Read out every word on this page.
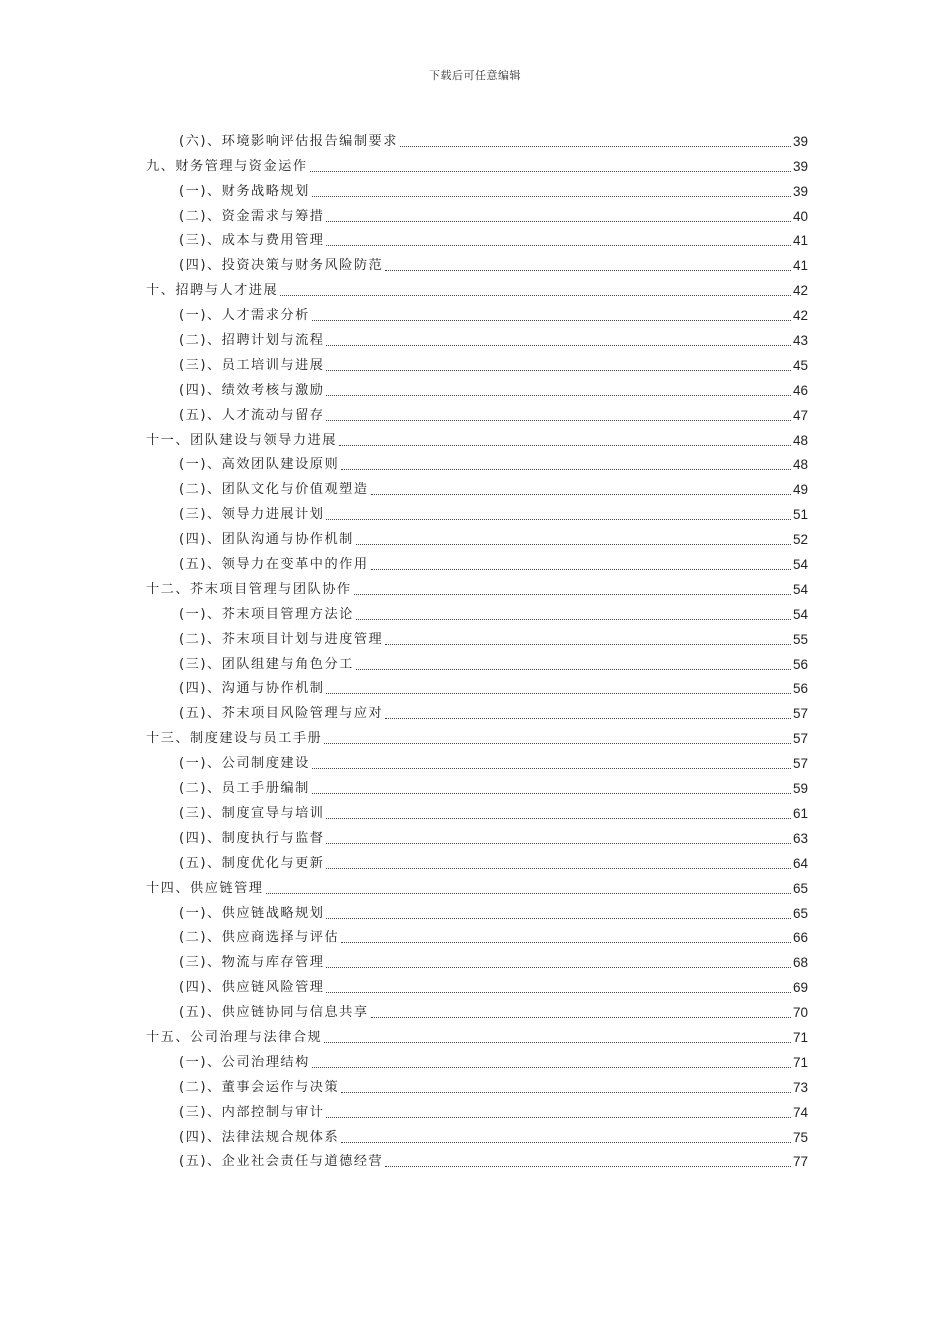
下载后可任意编辑
(六)、环境影响评估报告编制要求	39
九、财务管理与资金运作	39
(一)、财务战略规划	39
(二)、资金需求与筹措	40
(三)、成本与费用管理	41
(四)、投资决策与财务风险防范	41
十、招聘与人才进展	42
(一)、人才需求分析	42
(二)、招聘计划与流程	43
(三)、员工培训与进展	45
(四)、绩效考核与激励	46
(五)、人才流动与留存	47
十一、团队建设与领导力进展	48
(一)、高效团队建设原则	48
(二)、团队文化与价值观塑造	49
(三)、领导力进展计划	51
(四)、团队沟通与协作机制	52
(五)、领导力在变革中的作用	54
十二、芥末项目管理与团队协作	54
(一)、芥末项目管理方法论	54
(二)、芥末项目计划与进度管理	55
(三)、团队组建与角色分工	56
(四)、沟通与协作机制	56
(五)、芥末项目风险管理与应对	57
十三、制度建设与员工手册	57
(一)、公司制度建设	57
(二)、员工手册编制	59
(三)、制度宣导与培训	61
(四)、制度执行与监督	63
(五)、制度优化与更新	64
十四、供应链管理	65
(一)、供应链战略规划	65
(二)、供应商选择与评估	66
(三)、物流与库存管理	68
(四)、供应链风险管理	69
(五)、供应链协同与信息共享	70
十五、公司治理与法律合规	71
(一)、公司治理结构	71
(二)、董事会运作与决策	73
(三)、内部控制与审计	74
(四)、法律法规合规体系	75
(五)、企业社会责任与道德经营	77
